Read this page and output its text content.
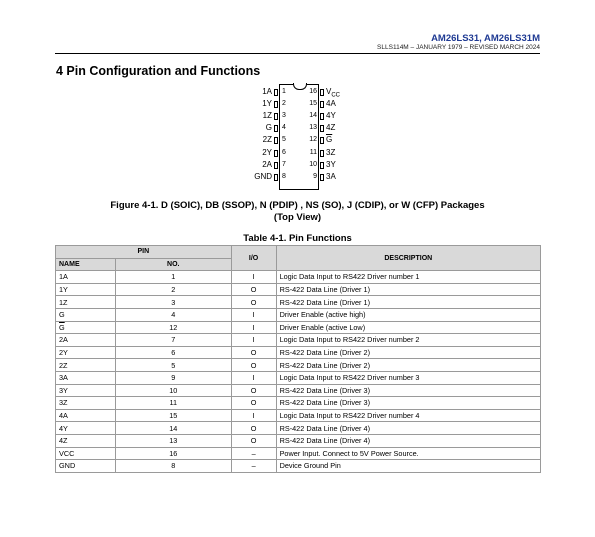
AM26LS31, AM26LS31M
SLLS114M – JANUARY 1979 – REVISED MARCH 2024
4 Pin Configuration and Functions
1A 1
1Y 2
1Z 3
G 4
2Z 5
2Y 6
2A 7
GND 8
$V_{CC}$
16
4A
15
4Y
14
4Z
13
$\overline{G}$
12
3Z
11
3Y
10
3A
9
Figure 4-1. D (SOIC), DB (SSOP), N (PDIP) , NS (SO), J (CDIP), or W (CFP) Packages
(Top View)
Table 4-1. Pin Functions
PIN		I/O	DESCRIPTION
NAME	NO.		
1A	1	I	Logic Data Input to RS422 Driver number 1
1Y	2	O	RS-422 Data Line (Driver 1)
1Z	3	O	RS-422 Data Line (Driver 1)
G	4	I	Driver Enable (active high)
$\overline{G}$	12	I	Driver Enable (active Low)
2A	7	I	Logic Data Input to RS422 Driver number 2
2Y	6	O	RS-422 Data Line (Driver 2)
2Z	5	O	RS-422 Data Line (Driver 2)
3A	9	I	Logic Data Input to RS422 Driver number 3
3Y	10	O	RS-422 Data Line (Driver 3)
3Z	11	O	RS-422 Data Line (Driver 3)
4A	15	I	Logic Data Input to RS422 Driver number 4
4Y	14	O	RS-422 Data Line (Driver 4)
4Z	13	O	RS-422 Data Line (Driver 4)
VCC	16	–	Power Input. Connect to 5V Power Source.
GND	8	–	Device Ground Pin
